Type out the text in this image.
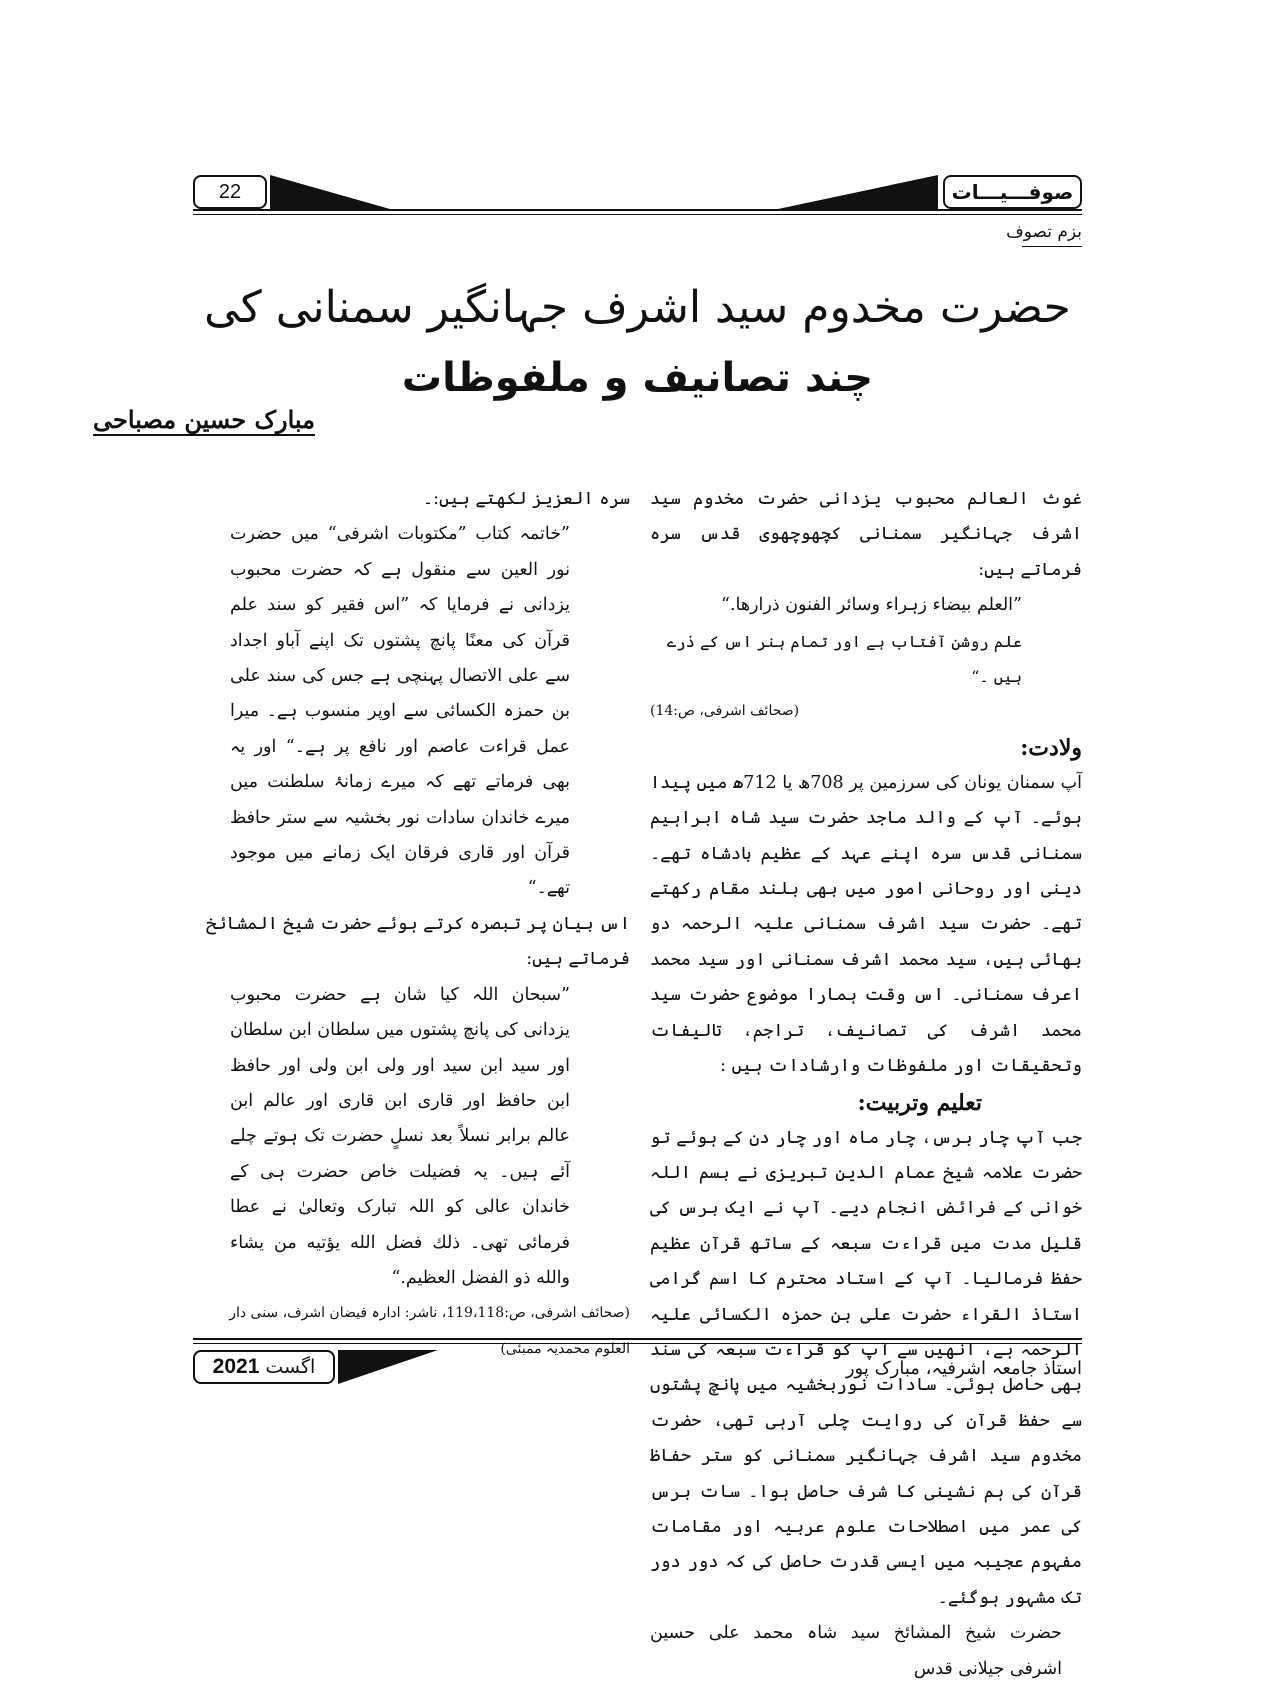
22	صوفـــیـــات
بزم تصوف
حضرت مخدوم سید اشرف جہانگیر سمنانی کی
چند تصانیف و ملفوظات
مبارک حسین مصباحی

غوث العالم محبوب یزدانی حضرت مخدوم سید اشرف جہانگیر سمنانی کچھوچھوی قدس سرہ فرماتے ہیں:

”العلم بیضاء زہراء وسائر الفنون ذرارھا.“

علم روشن آفتاب ہے اور تمام ہنر اس کے ذرے ہیں ۔“

(صحائف اشرفی، ص:14)

ولادت:

آپ سمنان یونان کی سرزمین پر 708ھ یا 712ھ میں پیدا ہوئے۔ آپ کے والد ماجد حضرت سید شاہ ابراہیم سمنانی قدس سرہ اپنے عہد کے عظیم بادشاہ تھے۔ دینی اور روحانی امور میں بھی بلند مقام رکھتے تھے۔ حضرت سید اشرف سمنانی علیہ الرحمہ دو بھائی ہیں، سید محمد اشرف سمنانی اور سید محمد اعرف سمنانی۔ اس وقت ہمارا موضوع حضرت سید محمد اشرف کی تصانیف، تراجم، تالیفات وتحقیقات اور ملفوظات وارشادات ہیں :

تعلیم وتربیت:

جب آپ چار برس، چار ماہ اور چار دن کے ہوئے تو حضرت علامہ شیخ عمام الدین تبریزی نے بسم اللہ خوانی کے فرائض انجام دیے۔ آپ نے ایک برس کی قلیل مدت میں قراءت سبعہ کے ساتھ قرآن عظیم حفظ فرمالیا۔ آپ کے استاد محترم کا اسم گرامی استاذ القراء حضرت علی بن حمزہ الکسائی علیہ الرحمہ ہے، انھیں سے آپ کو قراءت سبعہ کی سند بھی حاصل ہوئی۔ سادات نوربخشیہ میں پانچ پشتوں سے حفظ قرآن کی روایت چلی آرہی تھی، حضرت مخدوم سید اشرف جہانگیر سمنانی کو ستر حفاظ قرآن کی ہم نشینی کا شرف حاصل ہوا۔ سات برس کی عمر میں اصطلاحات علوم عربیہ اور مقامات مفہوم عجیبہ میں ایسی قدرت حاصل کی کہ دور دور تک مشہور ہوگئے۔

حضرت شیخ المشائخ سید شاہ محمد علی حسین اشرفی جیلانی قدس

سرہ العزیز لکھتے ہیں:۔

”خاتمہ کتاب ”مکتوبات اشرفی“ میں حضرت نور العین سے منقول ہے کہ حضرت محبوب یزدانی نے فرمایا کہ ”اس فقیر کو سند علم قرآن کی معنًا پانچ پشتوں تک اپنے آباو اجداد سے علی الاتصال پہنچی ہے جس کی سند علی بن حمزہ الکسائی سے اوپر منسوب ہے۔ میرا عمل قراءت عاصم اور نافع پر ہے۔“ اور یہ بھی فرماتے تھے کہ میرے زمانۂ سلطنت میں میرے خاندان سادات نور بخشیہ سے ستر حافظ قرآن اور قاری فرقان ایک زمانے میں موجود تھے۔“

اس بیان پر تبصرہ کرتے ہوئے حضرت شیخ المشائخ فرماتے ہیں:

”سبحان اللہ کیا شان ہے حضرت محبوب یزدانی کی پانچ پشتوں میں سلطان ابن سلطان اور سید ابن سید اور ولی ابن ولی اور حافظ ابن حافظ اور قاری ابن قاری اور عالم ابن عالم برابر نسلاً بعد نسلٍ حضرت تک ہوتے چلے آئے ہیں۔ یہ فضیلت خاص حضرت ہی کے خاندان عالی کو اللہ تبارک وتعالیٰ نے عطا فرمائی تھی۔ ذلك فضل الله یؤتیه من یشاء والله ذو الفضل العظیم.“

(صحائف اشرفی، ص:119،118، ناشر: ادارہ فیضان اشرف، سنی دار العلوم محمدیہ ممبئی)

اگست
2021	استاذ جامعہ اشرفیہ، مبارک پور
